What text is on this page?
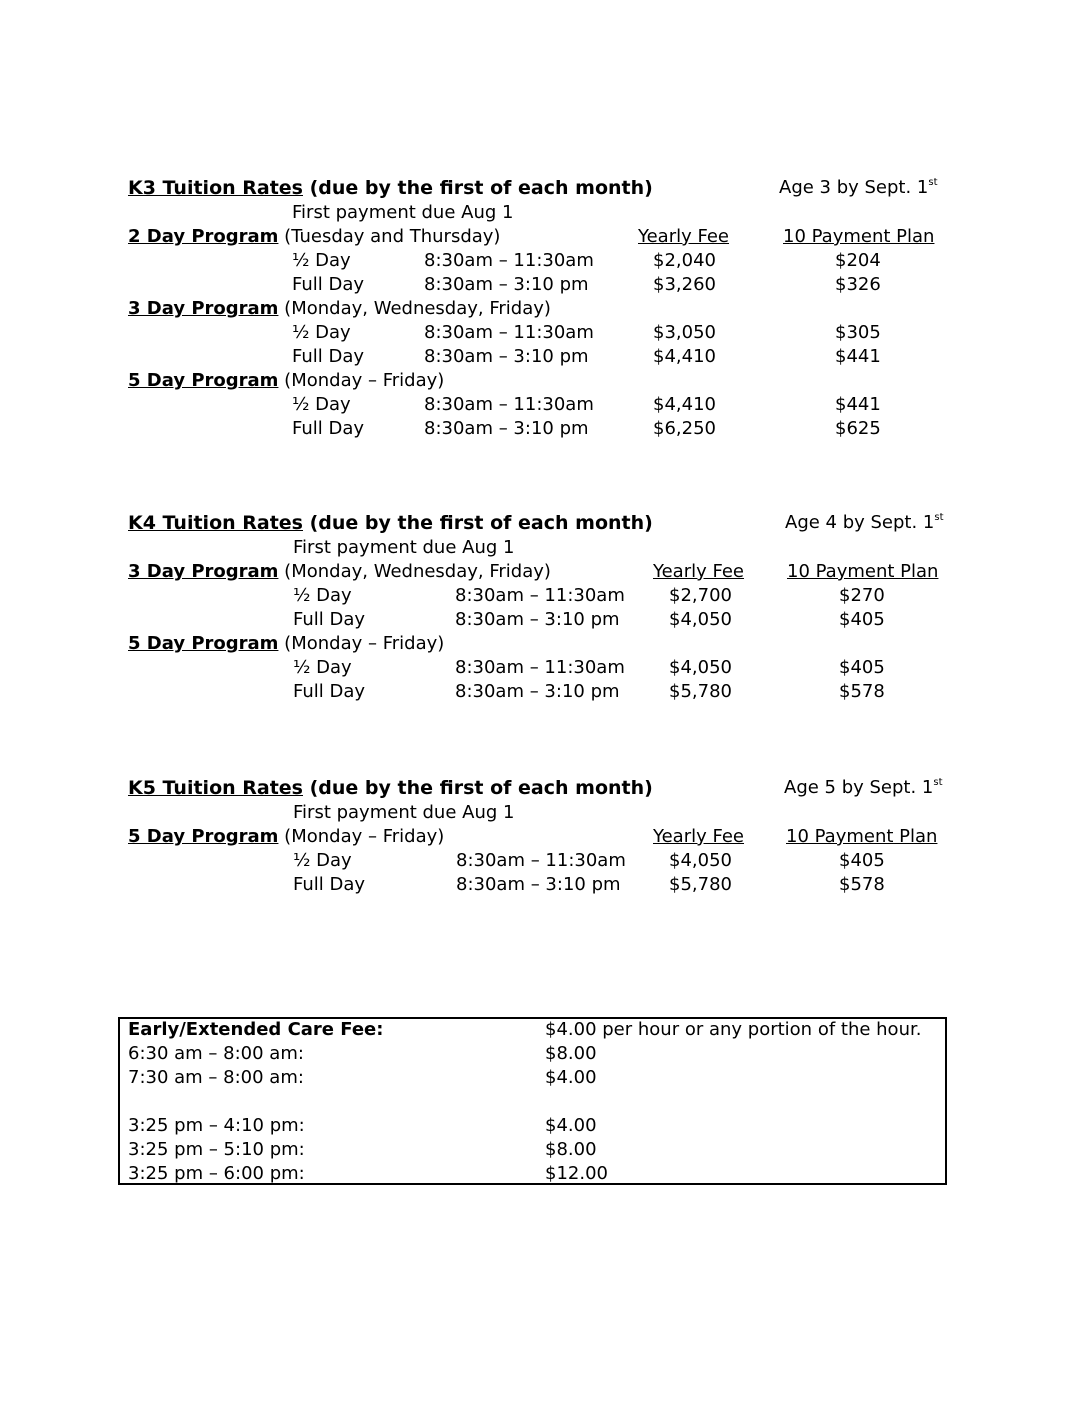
K3 Tuition Rates (due by the first of each month)	Age 3 by Sept. 1st
First payment due Aug 1
2 Day Program (Tuesday and Thursday)	Yearly Fee	10 Payment Plan
½ Day	8:30am – 11:30am	$2,040	$204
Full Day	8:30am – 3:10 pm	$3,260	$326
3 Day Program (Monday, Wednesday, Friday)
½ Day	8:30am – 11:30am	$3,050	$305
Full Day	8:30am – 3:10 pm	$4,410	$441
5 Day Program (Monday – Friday)
½ Day	8:30am – 11:30am	$4,410	$441
Full Day	8:30am – 3:10 pm	$6,250	$625
K4 Tuition Rates (due by the first of each month)	Age 4 by Sept. 1st
First payment due Aug 1
3 Day Program (Monday, Wednesday, Friday)	Yearly Fee 10 Payment Plan
½ Day	8:30am – 11:30am $2,700	$270
Full Day	8:30am – 3:10 pm	$4,050	$405
5 Day Program (Monday – Friday)
½ Day	8:30am – 11:30am $4,050	$405
Full Day	8:30am – 3:10 pm	$5,780	$578
K5 Tuition Rates (due by the first of each month)	Age 5 by Sept. 1st
First payment due Aug 1
5 Day Program (Monday – Friday)	Yearly Fee 10 Payment Plan
½ Day	8:30am – 11:30am $4,050	$405
Full Day	8:30am – 3:10 pm	$5,780	$578
Early/Extended Care Fee:	$4.00 per hour or any portion of the hour.
6:30 am – 8:00 am:	$8.00
7:30 am – 8:00 am:	$4.00
3:25 pm – 4:10 pm:	$4.00
3:25 pm – 5:10 pm:	$8.00
3:25 pm – 6:00 pm:	$12.00
